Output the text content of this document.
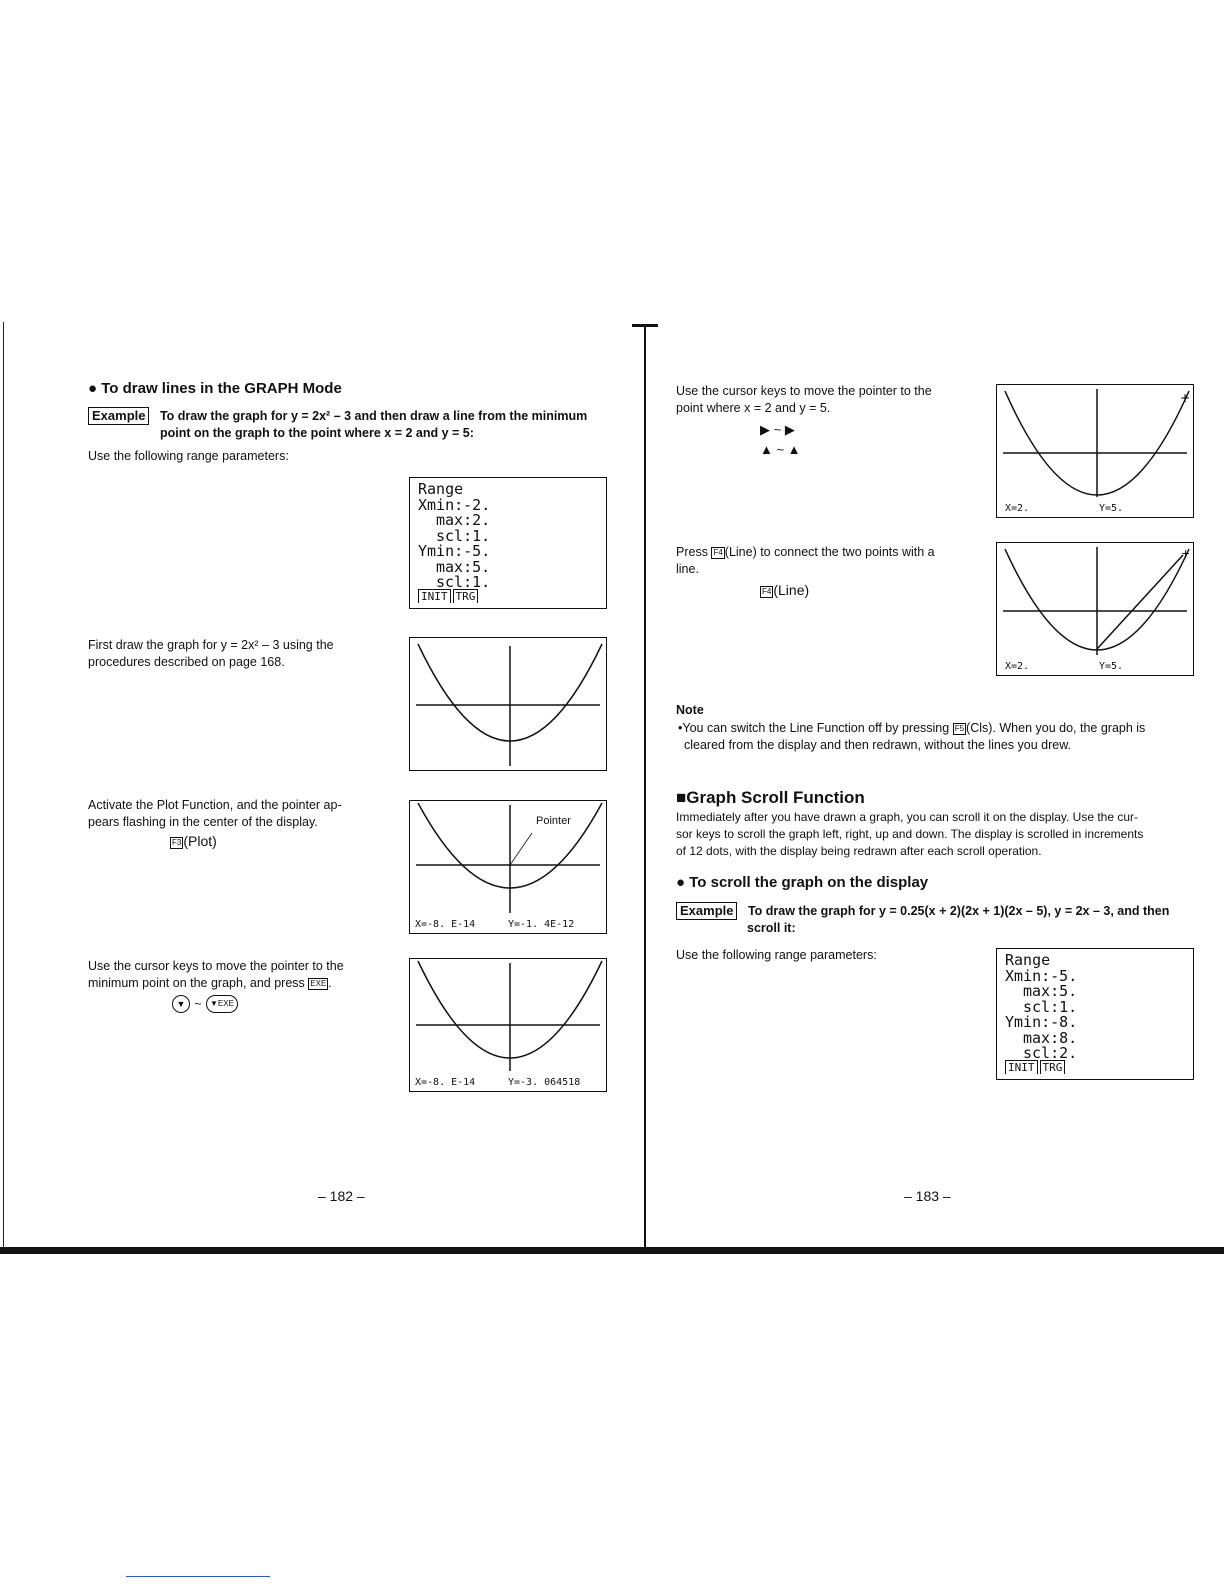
● To draw lines in the GRAPH Mode
Example To draw the graph for y = 2x² – 3 and then draw a line from the minimum
point on the graph to the point where x = 2 and y = 5:
Use the following range parameters:
Range
Xmin:-2.
max:2.
scl:1.
Ymin:-5.
max:5.
scl:1.
INIT TRG
First draw the graph for y = 2x² – 3 using the
procedures described on page 168.
Activate the Plot Function, and the pointer ap-
pears flashing in the center of the display.
F3 (Plot)
Pointer
X=-8. E-14	Y=-1. 4E-12
Use the cursor keys to move the pointer to the
minimum point on the graph, and press EXE .
▼ ~ ▼EXE
X=-8. E-14	Y=-3. 064518
– 182 –
Use the cursor keys to move the pointer to the
point where x = 2 and y = 5.
▶ ~ ▶
▲ ~ ▲
+
X=2.	Y=5.
Press F4 (Line) to connect the two points with a
line.
F4 (Line)
+
X=2.	Y=5.
Note
•You can switch the Line Function off by pressing F5 (Cls). When you do, the graph is
cleared from the display and then redrawn, without the lines you drew.
■Graph Scroll Function
Immediately after you have drawn a graph, you can scroll it on the display. Use the cur-
sor keys to scroll the graph left, right, up and down. The display is scrolled in increments
of 12 dots, with the display being redrawn after each scroll operation.
● To scroll the graph on the display
Example To draw the graph for y = 0.25(x + 2)(2x + 1)(2x – 5), y = 2x – 3, and then
scroll it:
Use the following range parameters:	Range
Xmin:-5.
max:5.
scl:1.
Ymin:-8.
max:8.
scl:2.
INIT TRG
– 183 –
